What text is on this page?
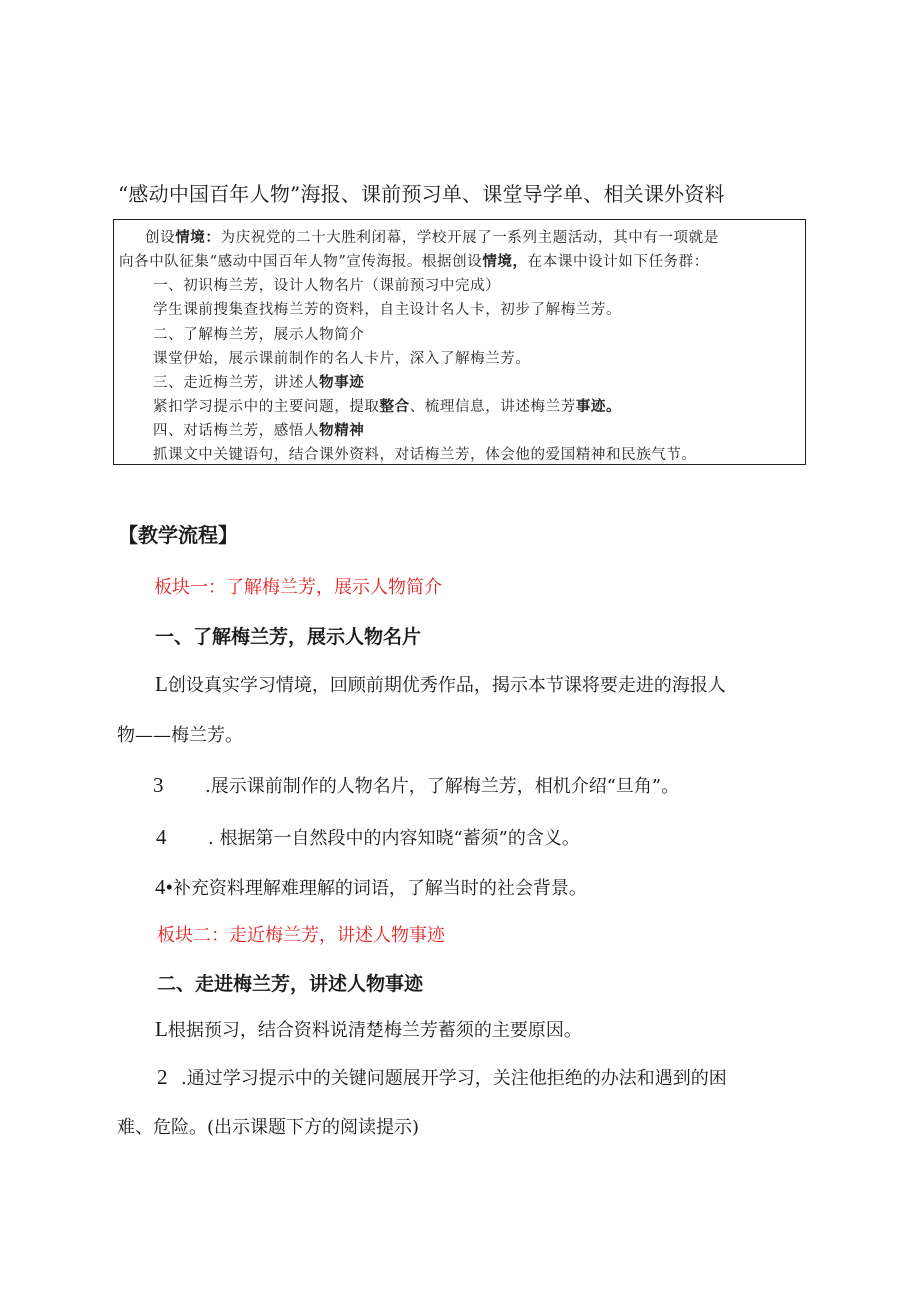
“感动中国百年人物”海报、课前预习单、课堂导学单、相关课外资料
创设情境：为庆祝党的二十大胜利闭幕，学校开展了一系列主题活动，其中有一项就是
向各中队征集“感动中国百年人物”宣传海报。根据创设情境，在本课中设计如下任务群：
一、初识梅兰芳，设计人物名片（课前预习中完成）
学生课前搜集查找梅兰芳的资料，自主设计名人卡，初步了解梅兰芳。
二、了解梅兰芳，展示人物简介
课堂伊始，展示课前制作的名人卡片，深入了解梅兰芳。
三、走近梅兰芳，讲述人物事迹
紧扣学习提示中的主要问题，提取整合、梳理信息，讲述梅兰芳事迹。
四、对话梅兰芳，感悟人物精神
抓课文中关键语句，结合课外资料，对话梅兰芳，体会他的爱国精神和民族气节。
【教学流程】
板块一：了解梅兰芳，展示人物简介
一、了解梅兰芳，展示人物名片
L创设真实学习情境，回顾前期优秀作品，揭示本节课将要走进的海报人
物——梅兰芳。
3 .展示课前制作的人物名片，了解梅兰芳，相机介绍“旦角”。
4 . 根据第一自然段中的内容知晓“蓄须”的含义。
4•补充资料理解难理解的词语，了解当时的社会背景。
板块二：走近梅兰芳，讲述人物事迹
二、走进梅兰芳，讲述人物事迹
L根据预习，结合资料说清楚梅兰芳蓄须的主要原因。
2 .通过学习提示中的关键问题展开学习，关注他拒绝的办法和遇到的困
难、危险。(出示课题下方的阅读提示)
